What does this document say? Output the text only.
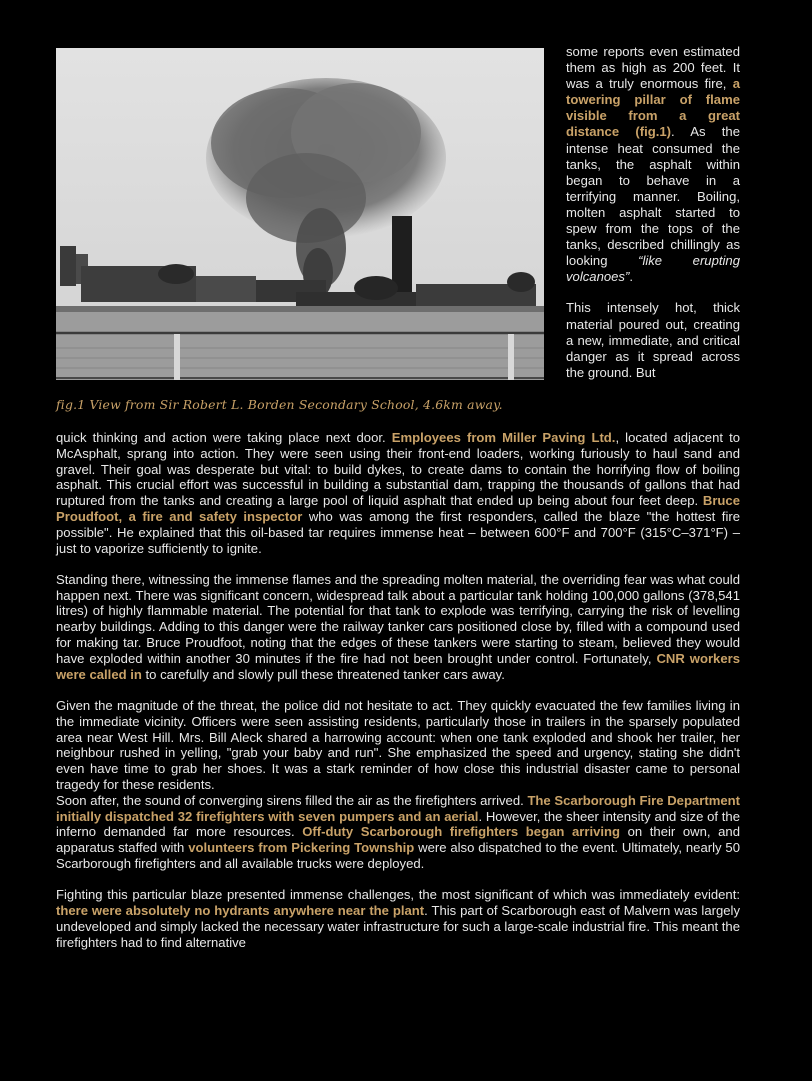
fig.1 View from Sir Robert L. Borden Secondary School, 4.6km away.

some reports even estimated them as high as 200 feet. It was a truly enormous fire, a towering pillar of flame visible from a great distance (fig.1). As the intense heat consumed the tanks, the asphalt within began to behave in a terrifying manner. Boiling, molten asphalt started to spew from the tops of the tanks, described chillingly as looking “like erupting volcanoes”.

This intensely hot, thick material poured out, creating a new, immediate, and critical danger as it spread across the ground. But

quick thinking and action were taking place next door. Employees from Miller Paving Ltd., located adjacent to McAsphalt, sprang into action. They were seen using their front-end loaders, working furiously to haul sand and gravel. Their goal was desperate but vital: to build dykes, to create dams to contain the horrifying flow of boiling asphalt. This crucial effort was successful in building a substantial dam, trapping the thousands of gallons that had ruptured from the tanks and creating a large pool of liquid asphalt that ended up being about four feet deep. Bruce Proudfoot, a fire and safety inspector who was among the first responders, called the blaze "the hottest fire possible". He explained that this oil-based tar requires immense heat – between 600°F and 700°F (315°C–371°F) – just to vaporize sufficiently to ignite.

Standing there, witnessing the immense flames and the spreading molten material, the overriding fear was what could happen next. There was significant concern, widespread talk about a particular tank holding 100,000 gallons (378,541 litres) of highly flammable material. The potential for that tank to explode was terrifying, carrying the risk of levelling nearby buildings. Adding to this danger were the railway tanker cars positioned close by, filled with a compound used for making tar. Bruce Proudfoot, noting that the edges of these tankers were starting to steam, believed they would have exploded within another 30 minutes if the fire had not been brought under control. Fortunately, CNR workers were called in to carefully and slowly pull these threatened tanker cars away.

Given the magnitude of the threat, the police did not hesitate to act. They quickly evacuated the few families living in the immediate vicinity. Officers were seen assisting residents, particularly those in trailers in the sparsely populated area near West Hill. Mrs. Bill Aleck shared a harrowing account: when one tank exploded and shook her trailer, her neighbour rushed in yelling, "grab your baby and run". She emphasized the speed and urgency, stating she didn't even have time to grab her shoes. It was a stark reminder of how close this industrial disaster came to personal tragedy for these residents.

Soon after, the sound of converging sirens filled the air as the firefighters arrived. The Scarborough Fire Department initially dispatched 32 firefighters with seven pumpers and an aerial. However, the sheer intensity and size of the inferno demanded far more resources. Off-duty Scarborough firefighters began arriving on their own, and apparatus staffed with volunteers from Pickering Township were also dispatched to the event. Ultimately, nearly 50 Scarborough firefighters and all available trucks were deployed.

Fighting this particular blaze presented immense challenges, the most significant of which was immediately evident: there were absolutely no hydrants anywhere near the plant. This part of Scarborough east of Malvern was largely undeveloped and simply lacked the necessary water infrastructure for such a large-scale industrial fire. This meant the firefighters had to find alternative
